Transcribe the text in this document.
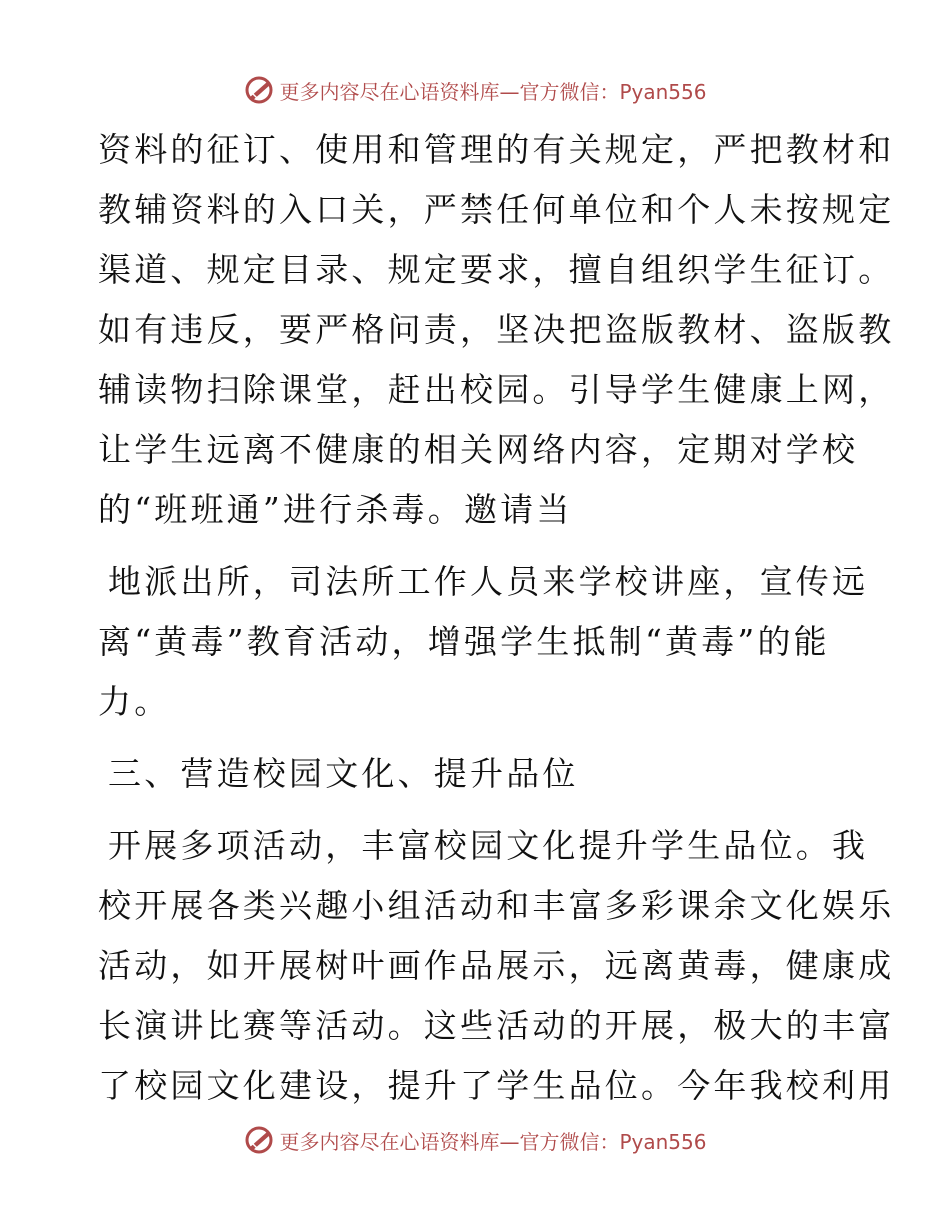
更多内容尽在心语资料库—官方微信：Pyan556
资料的征订、使用和管理的有关规定，严把教材和
教辅资料的入口关，严禁任何单位和个人未按规定
渠道、规定目录、规定要求，擅自组织学生征订。
如有违反，要严格问责，坚决把盗版教材、盗版教
辅读物扫除课堂，赶出校园。引导学生健康上网，
让学生远离不健康的相关网络内容，定期对学校
的“班班通”进行杀毒。邀请当
地派出所，司法所工作人员来学校讲座，宣传远
离“黄毒”教育活动，增强学生抵制“黄毒”的能
力。
三、营造校园文化、提升品位
开展多项活动，丰富校园文化提升学生品位。我
校开展各类兴趣小组活动和丰富多彩课余文化娱乐
活动，如开展树叶画作品展示，远离黄毒，健康成
长演讲比赛等活动。这些活动的开展，极大的丰富
了校园文化建设，提升了学生品位。今年我校利用
更多内容尽在心语资料库—官方微信：Pyan556
